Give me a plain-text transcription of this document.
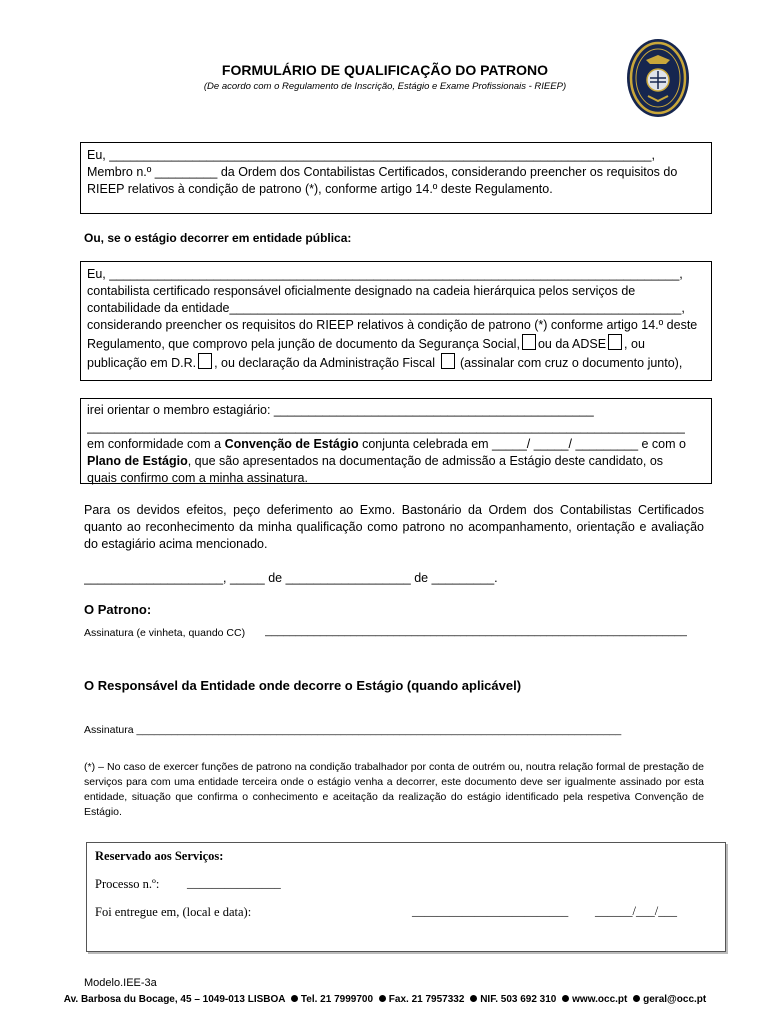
FORMULÁRIO DE QUALIFICAÇÃO DO PATRONO
(De acordo com o Regulamento de Inscrição, Estágio e Exame Profissionais - RIEEP)
Eu, ______________________________________________________________________________,
Membro n.º _________ da Ordem dos Contabilistas Certificados, considerando preencher os requisitos do
RIEEP relativos à condição de patrono (*), conforme artigo 14.º deste Regulamento.
Ou, se o estágio decorrer em entidade pública:
Eu, __________________________________________________________________________________,
contabilista certificado responsável oficialmente designado na cadeia hierárquica pelos serviços de
contabilidade da entidade_________________________________________________________________,
considerando preencher os requisitos do RIEEP relativos à condição de patrono (*) conforme artigo 14.º deste
Regulamento, que comprovo pela junção de documento da Segurança Social, ou da ADSE , ou
publicação em D.R. , ou declaração da Administração Fiscal (assinalar com cruz o documento junto),
irei orientar o membro estagiário: ______________________________________________
______________________________________________________________________________________
em conformidade com a Convenção de Estágio conjunta celebrada em _____/ _____/ _________ e com o
Plano de Estágio, que são apresentados na documentação de admissão a Estágio deste candidato, os
quais confirmo com a minha assinatura.
Para os devidos efeitos, peço deferimento ao Exmo. Bastonário da Ordem dos Contabilistas Certificados quanto ao reconhecimento da minha qualificação como patrono no acompanhamento, orientação e avaliação do estagiário acima mencionado.
____________________, _____ de __________________ de _________.
O Patrono:
Assinatura (e vinheta, quando CC) _____________________________________________________________________
O Responsável da Entidade onde decorre o Estágio (quando aplicável)
Assinatura ___________________________________________________________________________________
(*) – No caso de exercer funções de patrono na condição trabalhador por conta de outrém ou, noutra relação formal de prestação de serviços para com uma entidade terceira onde o estágio venha a decorrer, este documento deve ser igualmente assinado por esta entidade, situação que confirma o conhecimento e aceitação da realização do estágio identificado pela respetiva Convenção de Estágio.
Reservado aos Serviços:
Processo n.º: _______________
Foi entregue em, (local e data):	_________________________ ______/___/___
Modelo.IEE-3a
Av. Barbosa du Bocage, 45 – 1049-013 LISBOA Tel. 21 7999700 Fax. 21 7957332 NIF. 503 692 310 www.occ.pt geral@occ.pt
